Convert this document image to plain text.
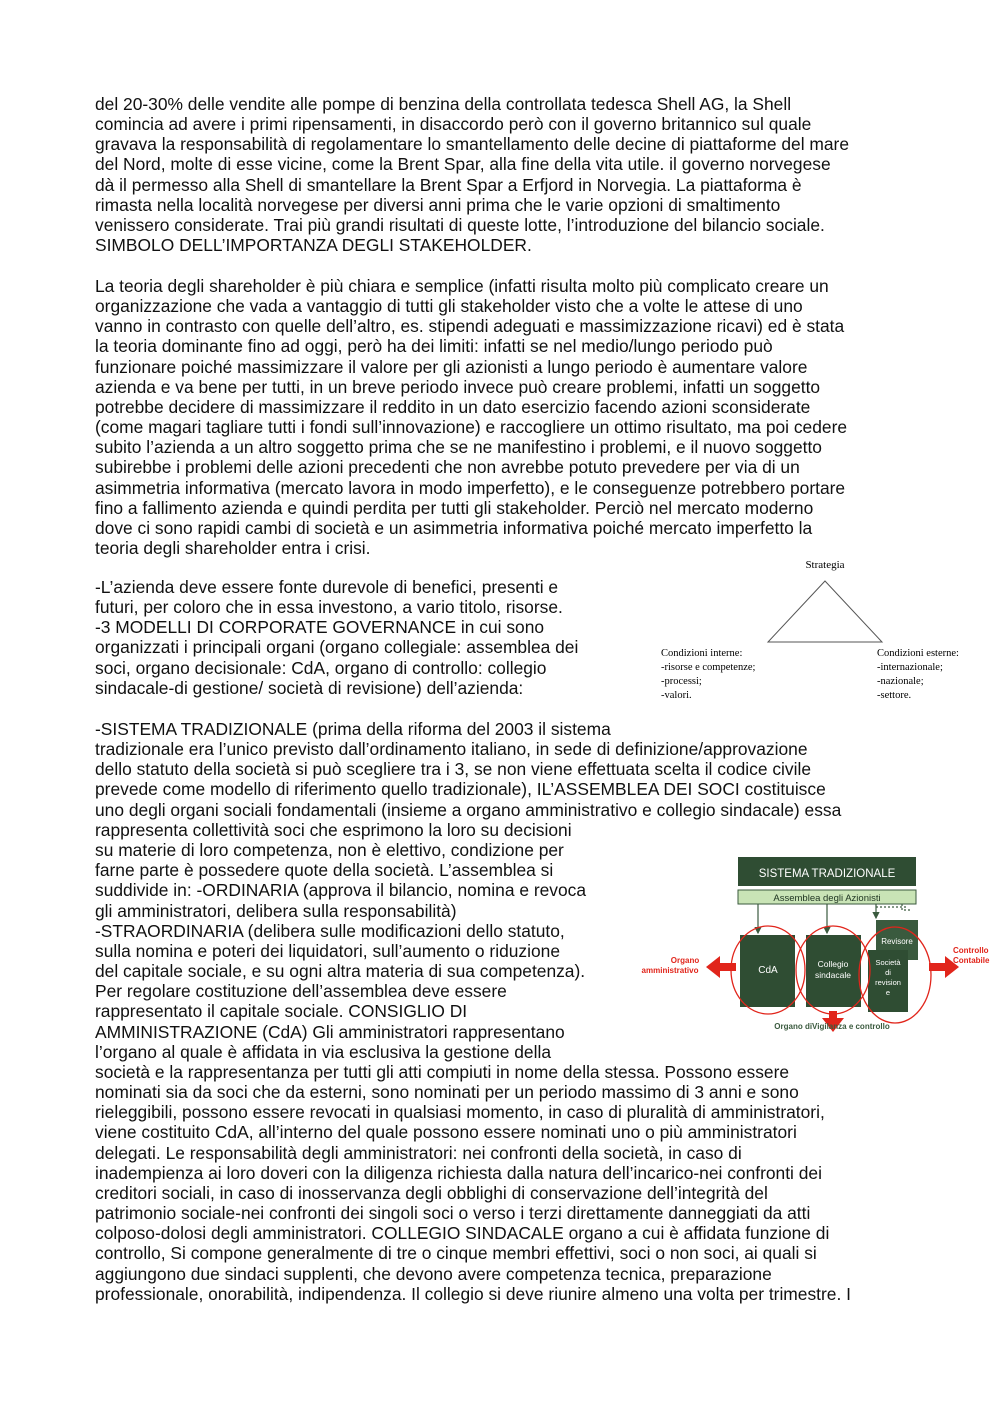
del 20-30% delle vendite alle pompe di benzina della controllata tedesca Shell AG, la Shell
comincia ad avere i primi ripensamenti, in disaccordo però con il governo britannico sul quale
gravava la responsabilità di regolamentare lo smantellamento delle decine di piattaforme del mare
del Nord, molte di esse vicine, come la Brent Spar, alla fine della vita utile. il governo norvegese
dà il permesso alla Shell di smantellare la Brent Spar a Erfjord in Norvegia. La piattaforma è
rimasta nella località norvegese per diversi anni prima che le varie opzioni di smaltimento
venissero considerate. Trai più grandi risultati di queste lotte, l’introduzione del bilancio sociale.
SIMBOLO DELL’IMPORTANZA DEGLI STAKEHOLDER.
La teoria degli shareholder è più chiara e semplice (infatti risulta molto più complicato creare un
organizzazione che vada a vantaggio di tutti gli stakeholder visto che a volte le attese di uno
vanno in contrasto con quelle dell’altro, es. stipendi adeguati e massimizzazione ricavi) ed è stata
la teoria dominante fino ad oggi, però ha dei limiti: infatti se nel medio/lungo periodo può
funzionare poiché massimizzare il valore per gli azionisti a lungo periodo è aumentare valore
azienda e va bene per tutti, in un breve periodo invece può creare problemi, infatti un soggetto
potrebbe decidere di massimizzare il reddito in un dato esercizio facendo azioni sconsiderate
(come magari tagliare tutti i fondi sull’innovazione) e raccogliere un ottimo risultato, ma poi cedere
subito l’azienda a un altro soggetto prima che se ne manifestino i problemi, e il nuovo soggetto
subirebbe i problemi delle azioni precedenti che non avrebbe potuto prevedere per via di un
asimmetria informativa (mercato lavora in modo imperfetto), e le conseguenze potrebbero portare
fino a fallimento azienda e quindi perdita per tutti gli stakeholder. Perciò nel mercato moderno
dove ci sono rapidi cambi di società e un asimmetria informativa poiché mercato imperfetto la
teoria degli shareholder entra i crisi.
-L’azienda deve essere fonte durevole di benefici, presenti e
futuri, per coloro che in essa investono, a vario titolo, risorse.
-3 MODELLI DI CORPORATE GOVERNANCE in cui sono
organizzati i principali organi (organo collegiale: assemblea dei
soci, organo decisionale: CdA, organo di controllo: collegio
sindacale-di gestione/ società di revisione) dell’azienda:
-SISTEMA TRADIZIONALE (prima della riforma del 2003 il sistema
tradizionale era l’unico previsto dall’ordinamento italiano, in sede di definizione/approvazione
dello statuto della società si può scegliere tra i 3, se non viene effettuata scelta il codice civile
prevede come modello di riferimento quello tradizionale), IL’ASSEMBLEA DEI SOCI costituisce
uno degli organi sociali fondamentali (insieme a organo amministrativo e collegio sindacale) essa
rappresenta collettività soci che esprimono la loro su decisioni
su materie di loro competenza, non è elettivo, condizione per
farne parte è possedere quote della società. L’assemblea si
suddivide in: -ORDINARIA (approva il bilancio, nomina e revoca
gli amministratori, delibera sulla responsabilità)
-STRAORDINARIA (delibera sulle modificazioni dello statuto,
sulla nomina e poteri dei liquidatori, sull’aumento o riduzione
del capitale sociale, e su ogni altra materia di sua competenza).
Per regolare costituzione dell’assemblea deve essere
rappresentato il capitale sociale. CONSIGLIO DI
AMMINISTRAZIONE (CdA) Gli amministratori rappresentano
l’organo al quale è affidata in via esclusiva la gestione della
società e la rappresentanza per tutti gli atti compiuti in nome della stessa. Possono essere
nominati sia da soci che da esterni, sono nominati per un periodo massimo di 3 anni e sono
rieleggibili, possono essere revocati in qualsiasi momento, in caso di pluralità di amministratori,
viene costituito CdA, all’interno del quale possono essere nominati uno o più amministratori
delegati. Le responsabilità degli amministratori: nei confronti della società, in caso di
inadempienza ai loro doveri con la diligenza richiesta dalla natura dell’incarico-nei confronti dei
creditori sociali, in caso di inosservanza degli obblighi di conservazione dell’integrità del
patrimonio sociale-nei confronti dei singoli soci o verso i terzi direttamente danneggiati da atti
colposo-dolosi degli amministratori. COLLEGIO SINDACALE organo a cui è affidata funzione di
controllo, Si compone generalmente di tre o cinque membri effettivi, soci o non soci, ai quali si
aggiungono due sindaci supplenti, che devono avere competenza tecnica, preparazione
professionale, onorabilità, indipendenza. Il collegio si deve riunire almeno una volta per trimestre. I
Strategia
Condizioni interne:
-risorse e competenze;
-processi;
-valori.
Condizioni esterne:
-internazionale;
-nazionale;
-settore.
SISTEMA TRADIZIONALE
Assemblea degli Azionisti
CdA
Collegio
sindacale
Revisore
Società
di
revision
e
Organo
amministrativo
Controllo
Contabile
Organo diVigilanza e controllo
